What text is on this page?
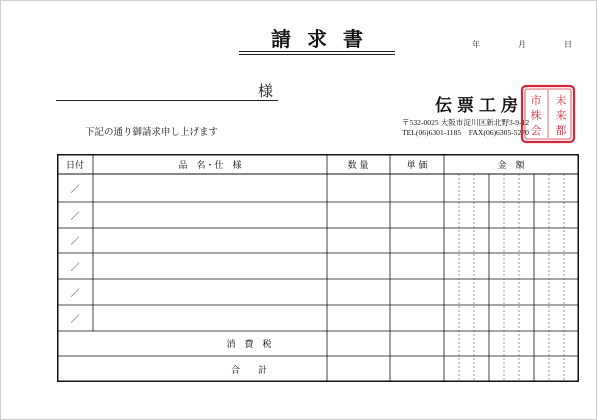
請求書	年	月	日
様
下記の通り御請求申し上げます
伝票工房
〒532-0025 大阪市淀川区新北野3-9-12
TEL(06)6301-1185　FAX(06)6305-5270
未
来
都
市
株
会
日付	品　名・仕　様	数 量	単 価	金　額
／
／
／
／
／
／
消　費　税
合　　計
